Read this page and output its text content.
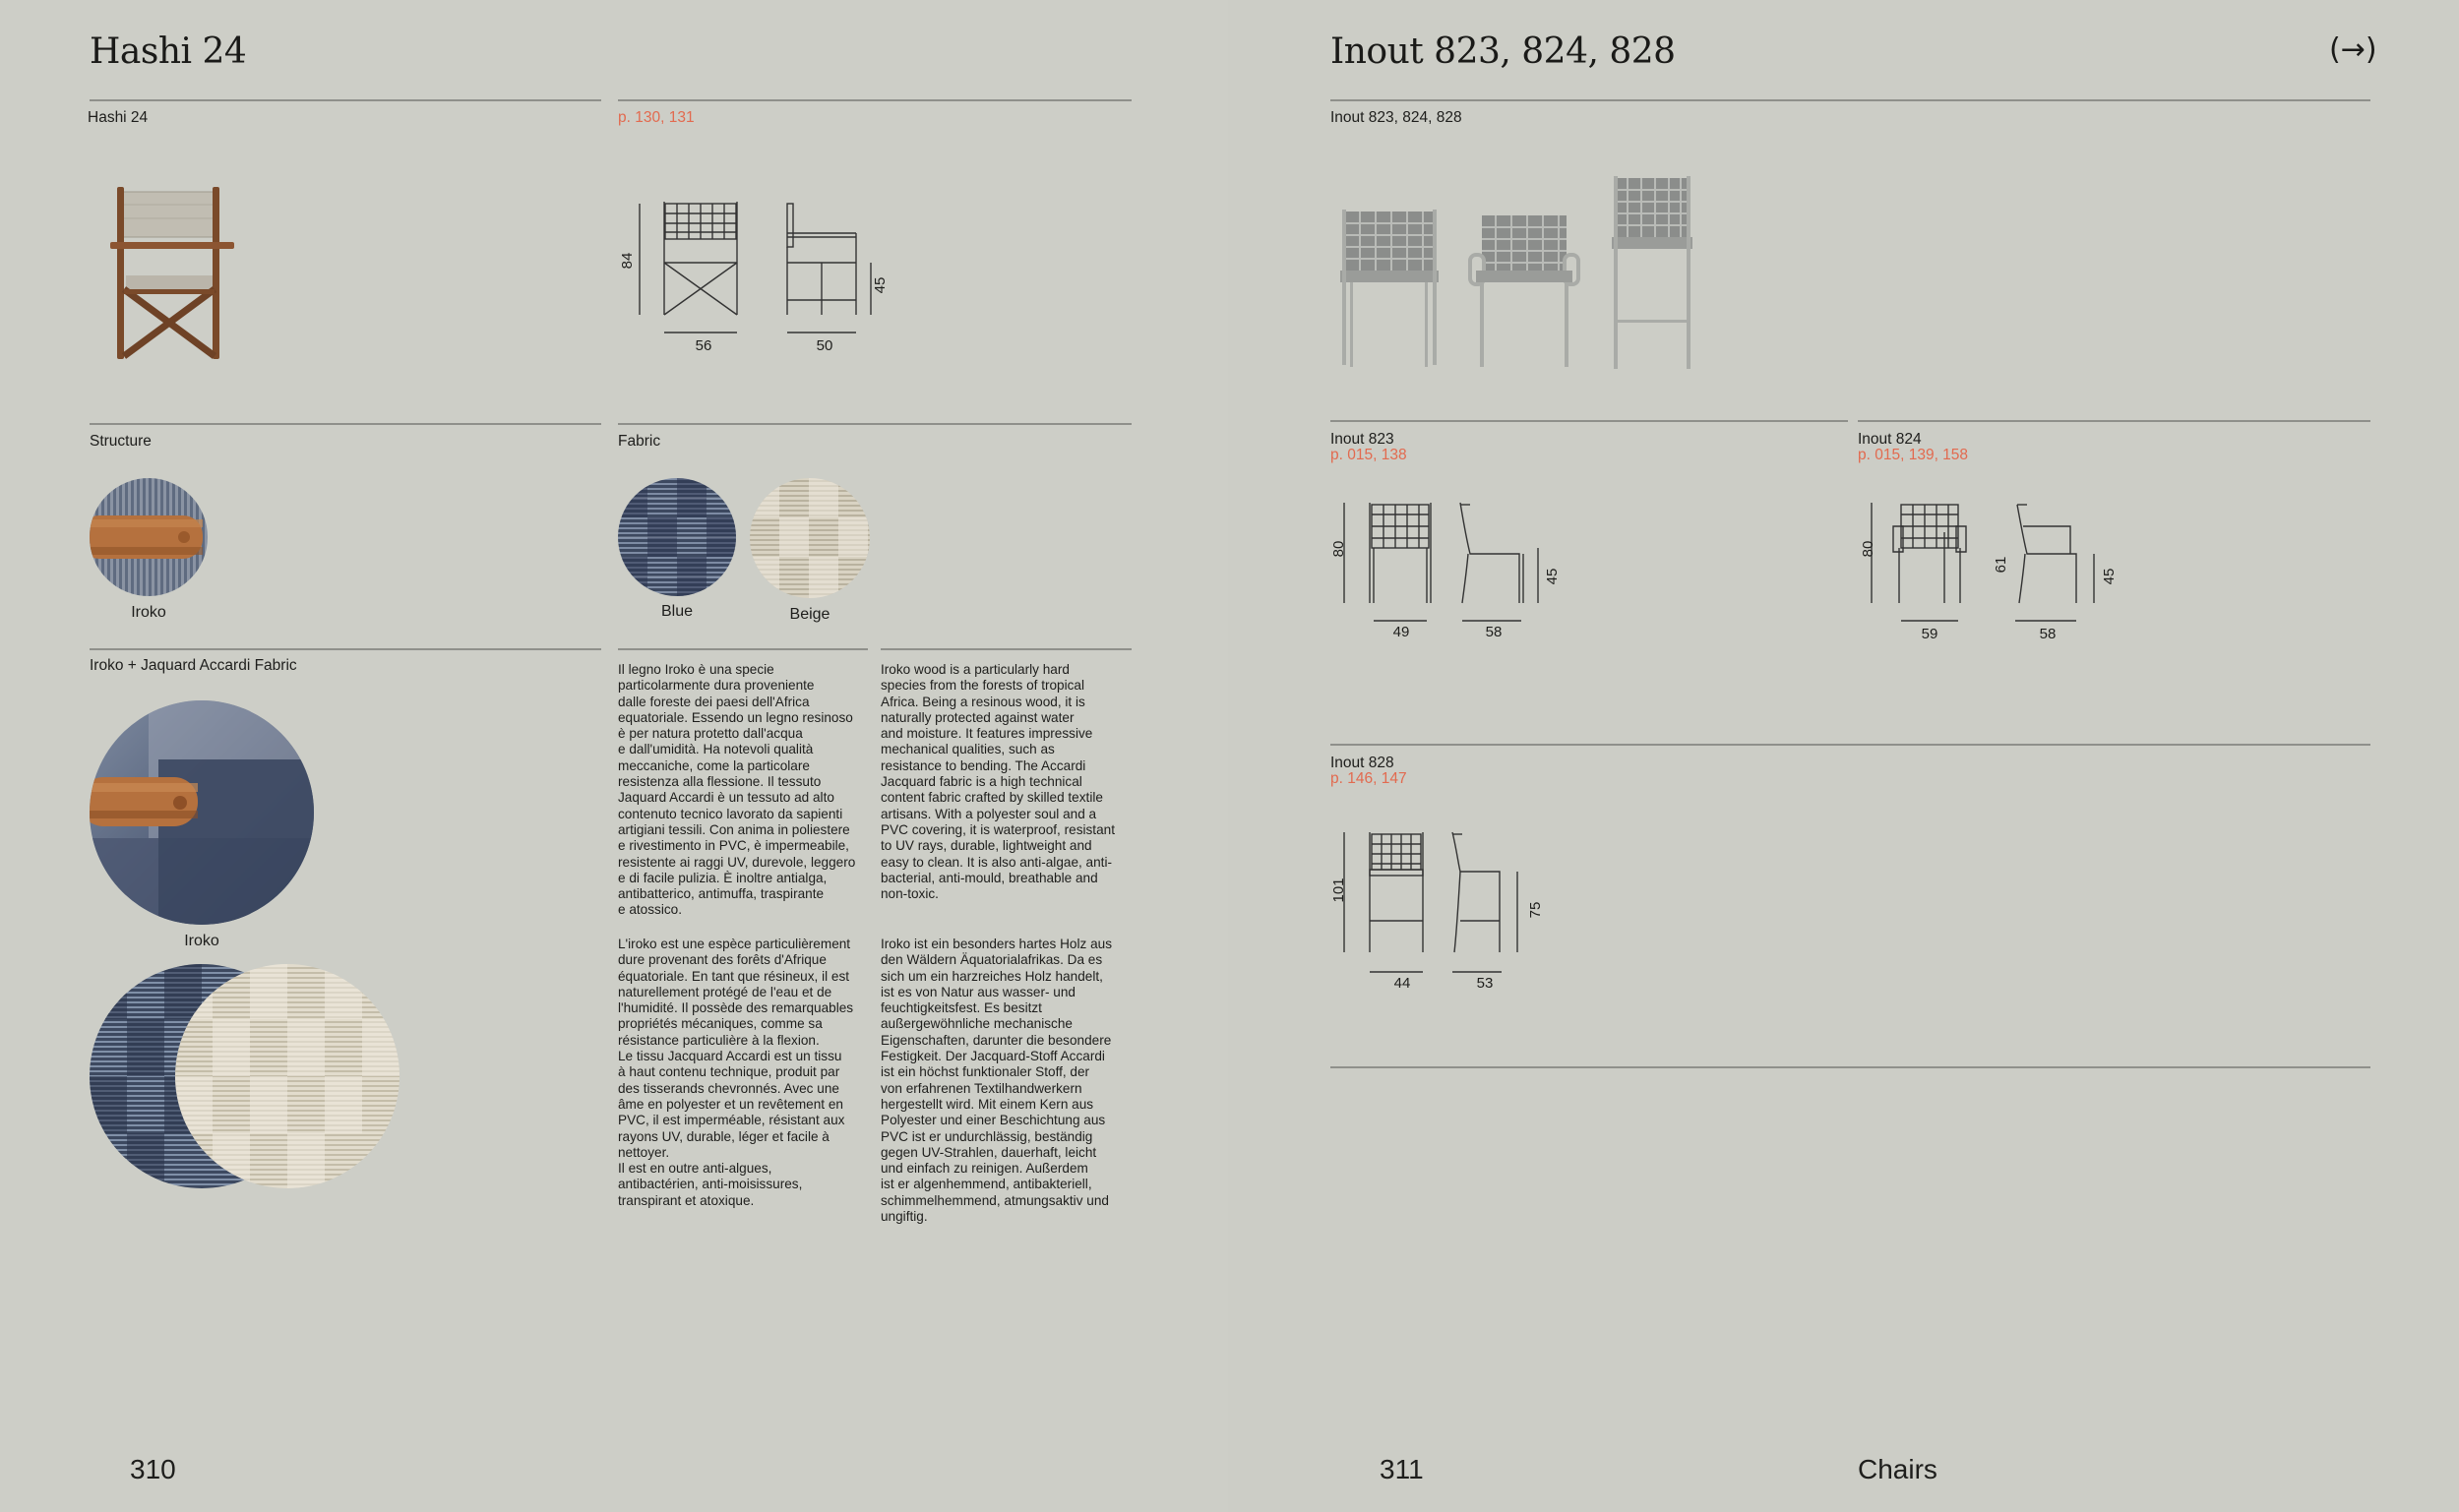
Hashi 24
Hashi 24	p. 130, 131
84
56
45
50
Structure	Fabric
Iroko	Blue	Beige
Iroko + Jaquard Accardi Fabric
Iroko
Il legno Iroko è una specie
particolarmente dura proveniente
dalle foreste dei paesi dell'Africa
equatoriale. Essendo un legno resinoso
è per natura protetto dall'acqua
e dall'umidità. Ha notevoli qualità
meccaniche, come la particolare
resistenza alla flessione. Il tessuto
Jaquard Accardi è un tessuto ad alto
contenuto tecnico lavorato da sapienti
artigiani tessili. Con anima in poliestere
e rivestimento in PVC, è impermeabile,
resistente ai raggi UV, durevole, leggero
e di facile pulizia. È inoltre antialga,
antibatterico, antimuffa, traspirante
e atossico.
L'iroko est une espèce particulièrement
dure provenant des forêts d'Afrique
équatoriale. En tant que résineux, il est
naturellement protégé de l'eau et de
l'humidité. Il possède des remarquables
propriétés mécaniques, comme sa
résistance particulière à la flexion.
Le tissu Jacquard Accardi est un tissu
à haut contenu technique, produit par
des tisserands chevronnés. Avec une
âme en polyester et un revêtement en
PVC, il est imperméable, résistant aux
rayons UV, durable, léger et facile à
nettoyer.
Il est en outre anti-algues,
antibactérien, anti-moisissures,
transpirant et atoxique.
Iroko wood is a particularly hard
species from the forests of tropical
Africa. Being a resinous wood, it is
naturally protected against water
and moisture. It features impressive
mechanical qualities, such as
resistance to bending. The Accardi
Jacquard fabric is a high technical
content fabric crafted by skilled textile
artisans. With a polyester soul and a
PVC covering, it is waterproof, resistant
to UV rays, durable, lightweight and
easy to clean. It is also anti-algae, anti-
bacterial, anti-mould, breathable and
non-toxic.
Iroko ist ein besonders hartes Holz aus
den Wäldern Äquatorialafrikas. Da es
sich um ein harzreiches Holz handelt,
ist es von Natur aus wasser- und
feuchtigkeitsfest. Es besitzt
außergewöhnliche mechanische
Eigenschaften, darunter die besondere
Festigkeit. Der Jacquard-Stoff Accardi
ist ein höchst funktionaler Stoff, der
von erfahrenen Textilhandwerkern
hergestellt wird. Mit einem Kern aus
Polyester und einer Beschichtung aus
PVC ist er undurchlässig, beständig
gegen UV-Strahlen, dauerhaft, leicht
und einfach zu reinigen. Außerdem
ist er algenhemmend, antibakteriell,
schimmelhemmend, atmungsaktiv und
ungiftig.
310
Inout 823, 824, 828	(→)
Inout 823, 824, 828
Inout 823
p. 015, 138
80
45
49	58
Inout 824
p. 015, 139, 158
80
61
45
59	58
Inout 828
p. 146, 147
101
75
44	53
311	Chairs
